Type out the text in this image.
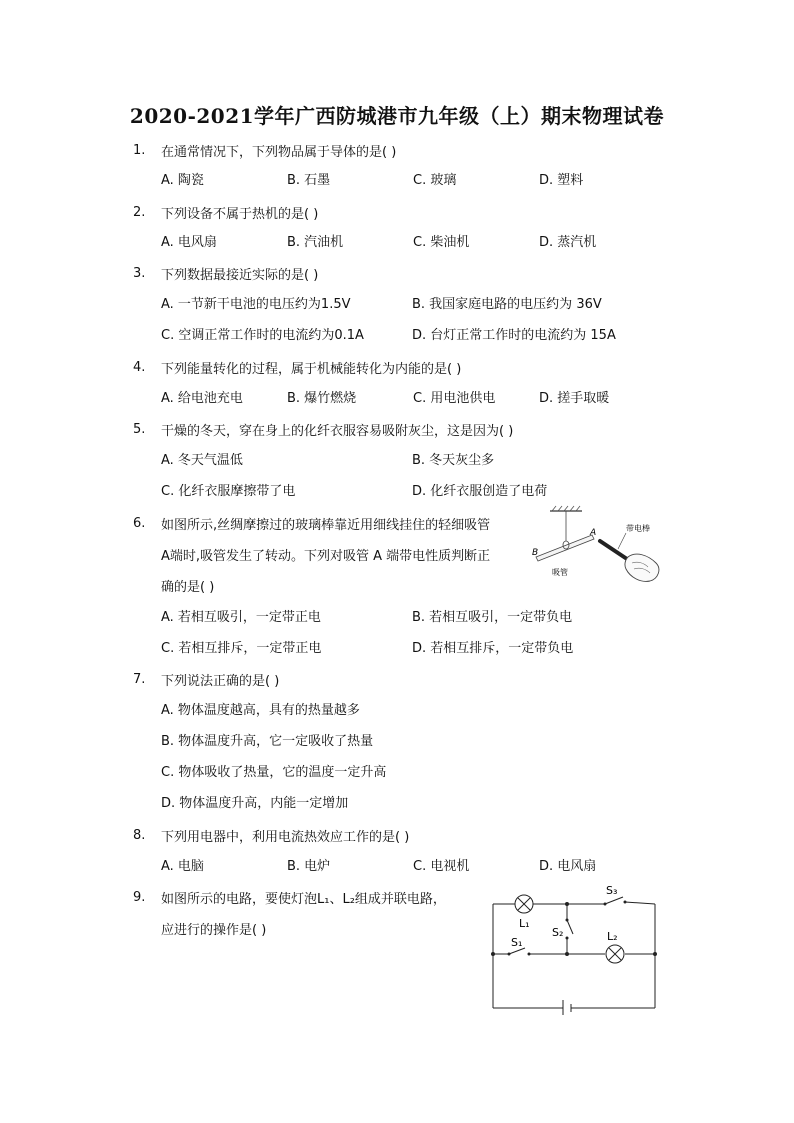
2020-2021学年广西防城港市九年级（上）期末物理试卷
1. 在通常情况下，下列物品属于导体的是( )
A. 陶瓷	B. 石墨	C. 玻璃	D. 塑料
2. 下列设备不属于热机的是( )
A. 电风扇	B. 汽油机	C. 柴油机	D. 蒸汽机
3. 下列数据最接近实际的是( )
A. 一节新干电池的电压约为1.5V	B. 我国家庭电路的电压约为 36V
C. 空调正常工作时的电流约为0.1A	D. 台灯正常工作时的电流约为 15A
4. 下列能量转化的过程，属于机械能转化为内能的是( )
A. 给电池充电	B. 爆竹燃烧	C. 用电池供电	D. 搓手取暖
5. 干燥的冬天，穿在身上的化纤衣服容易吸附灰尘，这是因为( )
A. 冬天气温低	B. 冬天灰尘多
C. 化纤衣服摩擦带了电	D. 化纤衣服创造了电荷
6. 如图所示,丝绸摩擦过的玻璃棒靠近用细线挂住的轻细吸管
A端时,吸管发生了转动。下列对吸管 A 端带电性质判断正
确的是( )
A. 若相互吸引，一定带正电	B. 若相互吸引，一定带负电
C. 若相互排斥，一定带正电	D. 若相互排斥，一定带负电
B
A
吸管
带电棒
7. 下列说法正确的是( )
A. 物体温度越高，具有的热量越多
B. 物体温度升高，它一定吸收了热量
C. 物体吸收了热量，它的温度一定升高
D. 物体温度升高，内能一定增加
8. 下列用电器中，利用电流热效应工作的是( )
A. 电脑	B. 电炉	C. 电视机	D. 电风扇
9. 如图所示的电路，要使灯泡L₁、L₂组成并联电路，
应进行的操作是( )	L₁
L₂
S₃
S₂
S₁
